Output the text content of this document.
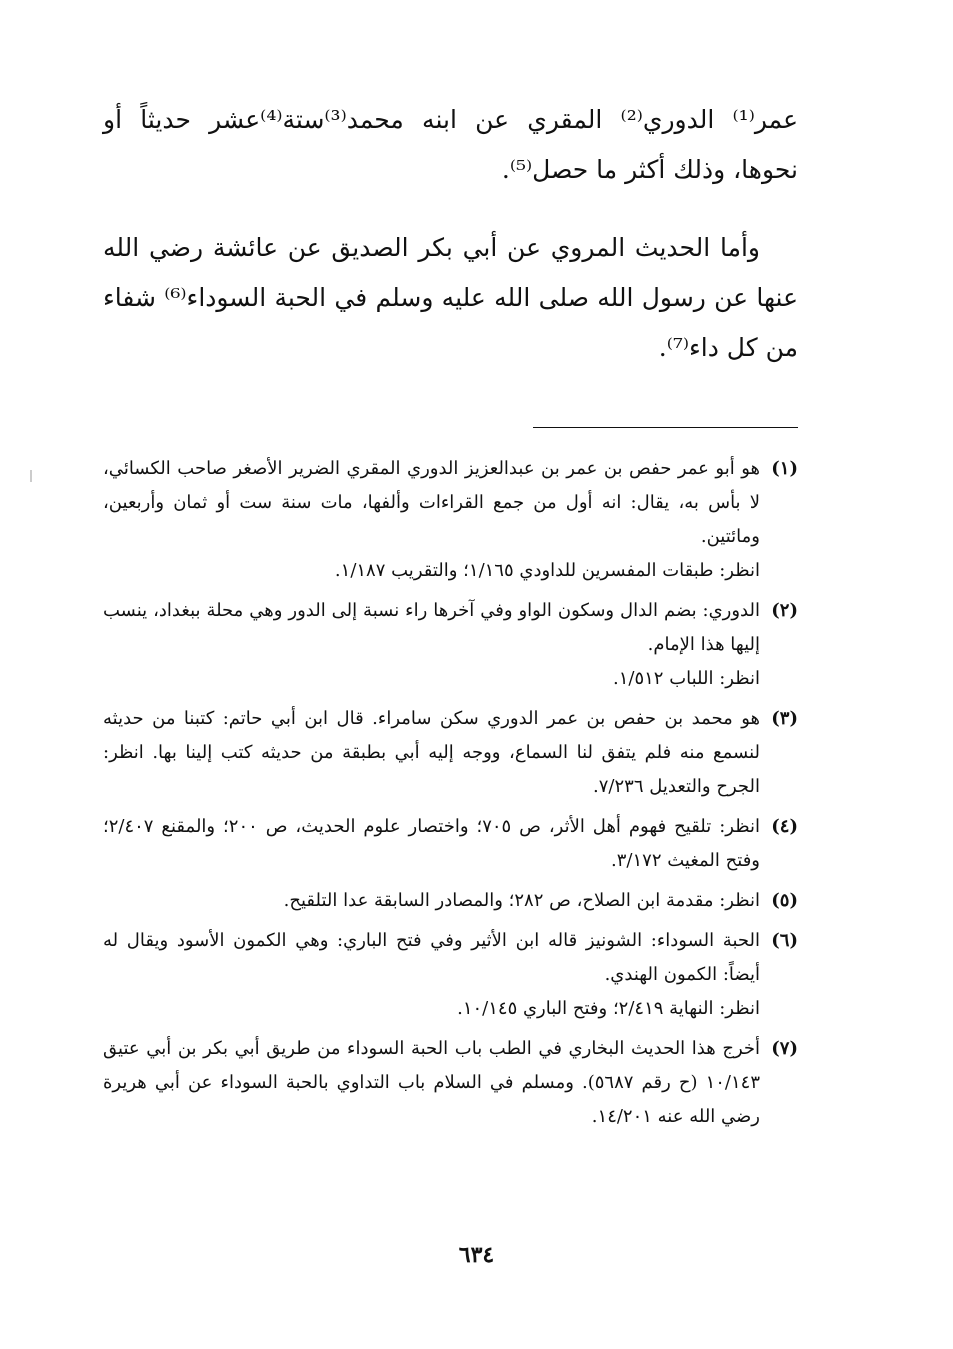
عمر⁽¹⁾ الدوري⁽²⁾ المقري عن ابنه محمد⁽³⁾ستة⁽⁴⁾عشر حديثاً أو نحوها، وذلك أكثر ما حصل⁽⁵⁾.

وأما الحديث المروي عن أبي بكر الصديق عن عائشة رضي الله عنها عن رسول الله صلى الله عليه وسلم في الحبة السوداء⁽⁶⁾ شفاء من كل داء⁽⁷⁾.

(١)
هو أبو عمر حفص بن عمر بن عبدالعزيز الدوري المقري الضرير الأصغر صاحب الكسائي، لا بأس به، يقال: انه أول من جمع القراءات وألفها، مات سنة ست أو ثمان وأربعين، ومائتين.
انظر: طبقات المفسرين للداودي ١/١٦٥؛ والتقريب ١/١٨٧.
(٢)
الدوري: بضم الدال وسكون الواو وفي آخرها راء نسبة إلى الدور وهي محلة ببغداد، ينسب إليها هذا الإمام.
انظر: اللباب ١/٥١٢.
(٣)
هو محمد بن حفص بن عمر الدوري سكن سامراء. قال ابن أبي حاتم: كتبنا من حديثه لنسمع منه فلم يتفق لنا السماع، ووجه إليه أبي بطبقة من حديثه كتب إلينا بها. انظر: الجرح والتعديل ٧/٢٣٦.
(٤)
انظر: تلقيح فهوم أهل الأثر، ص ٧٠٥؛ واختصار علوم الحديث، ص ٢٠٠؛ والمقنع ٢/٤٠٧؛ وفتح المغيث ٣/١٧٢.
(٥)
انظر: مقدمة ابن الصلاح، ص ٢٨٢؛ والمصادر السابقة عدا التلقيح.
(٦)
الحبة السوداء: الشونيز قاله ابن الأثير وفي فتح الباري: وهي الكمون الأسود ويقال له أيضاً: الكمون الهندي.
انظر: النهاية ٢/٤١٩؛ وفتح الباري ١٠/١٤٥.
(٧)
أخرج هذا الحديث البخاري في الطب باب الحبة السوداء من طريق أبي بكر بن أبي عتيق ١٠/١٤٣ (ح رقم ٥٦٨٧). ومسلم في السلام باب التداوي بالحبة السوداء عن أبي هريرة رضي الله عنه ١٤/٢٠١.
٦٣٤
